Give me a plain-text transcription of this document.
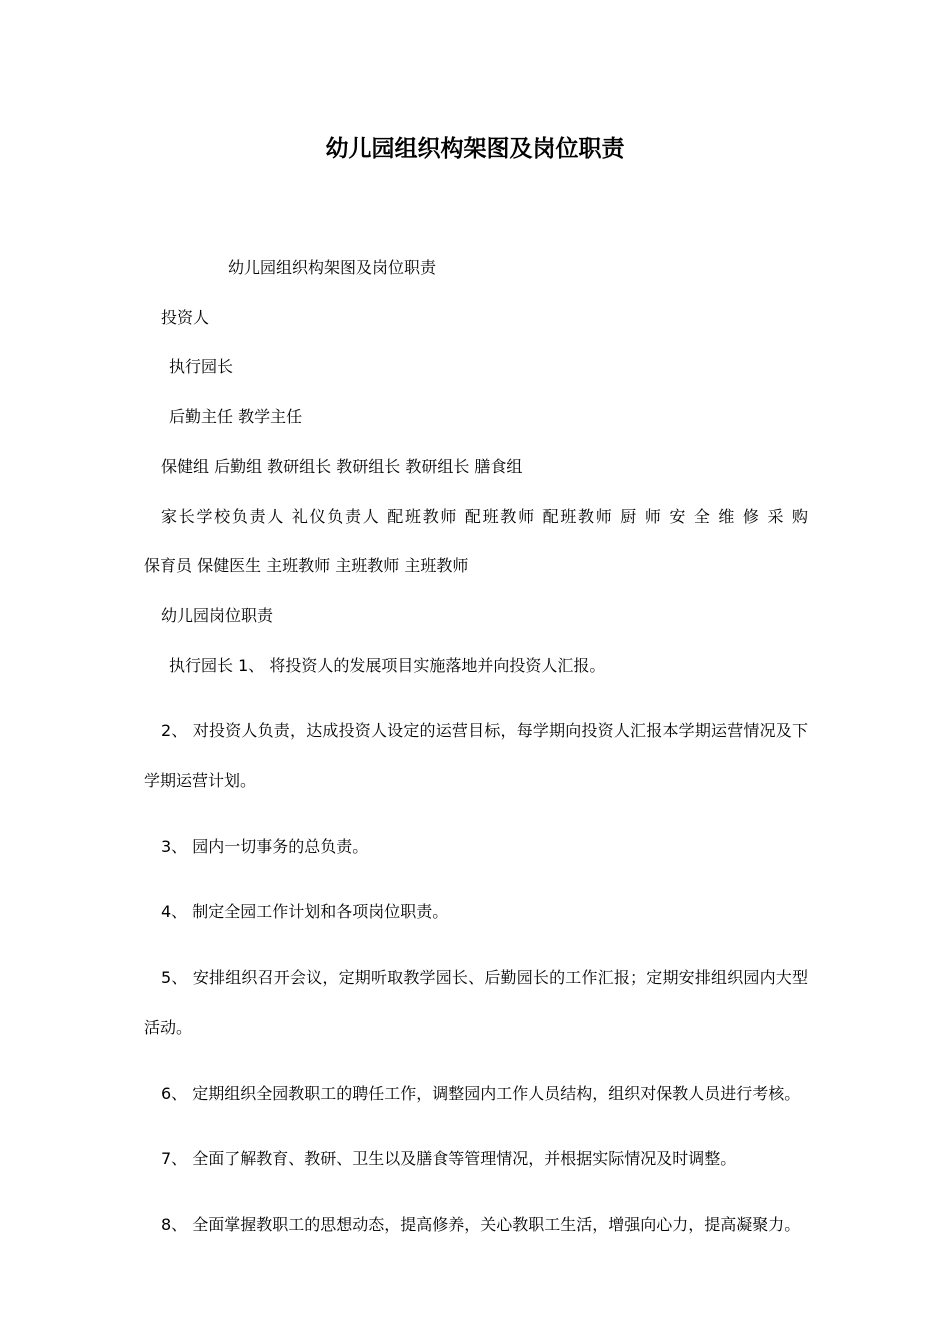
幼儿园组织构架图及岗位职责

幼儿园组织构架图及岗位职责

投资人

执行园长

后勤主任 教学主任

保健组 后勤组 教研组长 教研组长 教研组长 膳食组

家长学校负责人 礼仪负责人 配班教师 配班教师 配班教师 厨 师 安 全 维 修 采 购

保育员 保健医生 主班教师 主班教师 主班教师

幼儿园岗位职责

执行园长 1、 将投资人的发展项目实施落地并向投资人汇报。

2、 对投资人负责，达成投资人设定的运营目标，每学期向投资人汇报本学期运营情况及下学期运营计划。

3、 园内一切事务的总负责。

4、 制定全园工作计划和各项岗位职责。

5、 安排组织召开会议，定期听取教学园长、后勤园长的工作汇报；定期安排组织园内大型活动。

6、 定期组织全园教职工的聘任工作，调整园内工作人员结构，组织对保教人员进行考核。

7、 全面了解教育、教研、卫生以及膳食等管理情况，并根据实际情况及时调整。

8、 全面掌握教职工的思想动态，提高修养，关心教职工生活，增强向心力，提高凝聚力。
